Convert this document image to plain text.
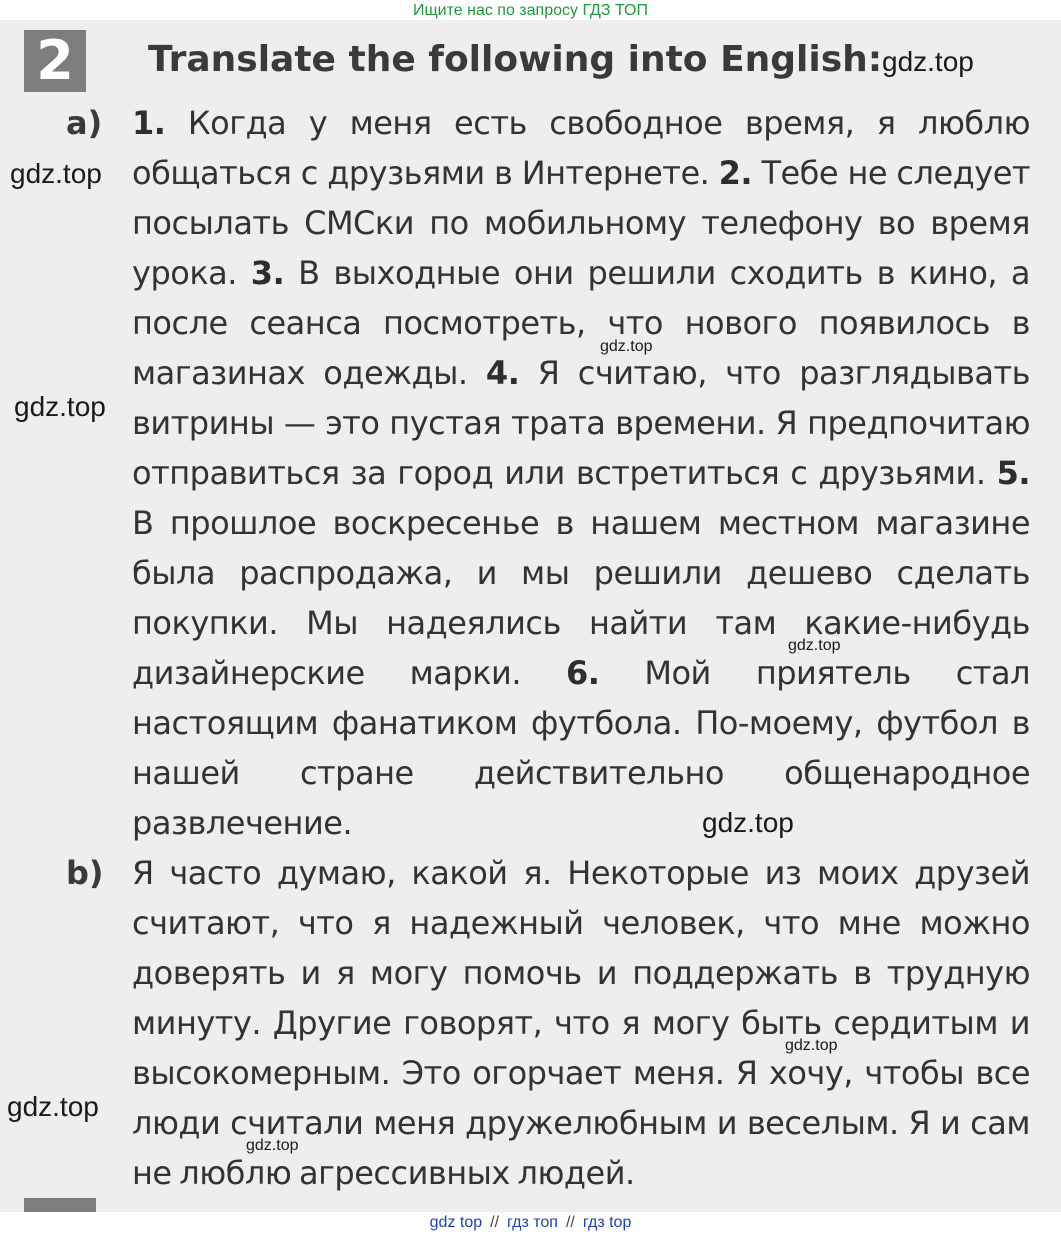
Ищите нас по запросу ГДЗ ТОП
2	Translate the following into English:
a) 1. Когда у меня есть свободное время, я люблю общаться с друзьями в Интернете. 2. Тебе не следует посылать СМСки по мобильному телефону во время урока. 3. В выходные они решили сходить в кино, а после сеанса посмотреть, что нового появилось в магазинах одежды. 4. Я считаю, что разглядывать витрины — это пустая трата времени. Я предпочитаю отправиться за город или встретиться с друзьями. 5. В прошлое воскресенье в нашем местном магазине была распродажа, и мы решили дешево сделать покупки. Мы надеялись найти там какие-нибудь дизайнерские марки. 6. Мой приятель стал настоящим фанатиком футбола. По-моему, футбол в нашей стране действительно общенародное развлечение.
b) Я часто думаю, какой я. Некоторые из моих друзей считают, что я надежный человек, что мне можно доверять и я могу помочь и поддержать в трудную минуту. Другие говорят, что я могу быть сердитым и высокомерным. Это огорчает меня. Я хочу, чтобы все люди считали меня дружелюбным и веселым. Я и сам не люблю агрессивных людей.
gdz.top
gdz.top
gdz.top
gdz.top
gdz.top
gdz.top
gdz.top
gdz.top
gdz.top
gdz top // гдз топ // гдз top
